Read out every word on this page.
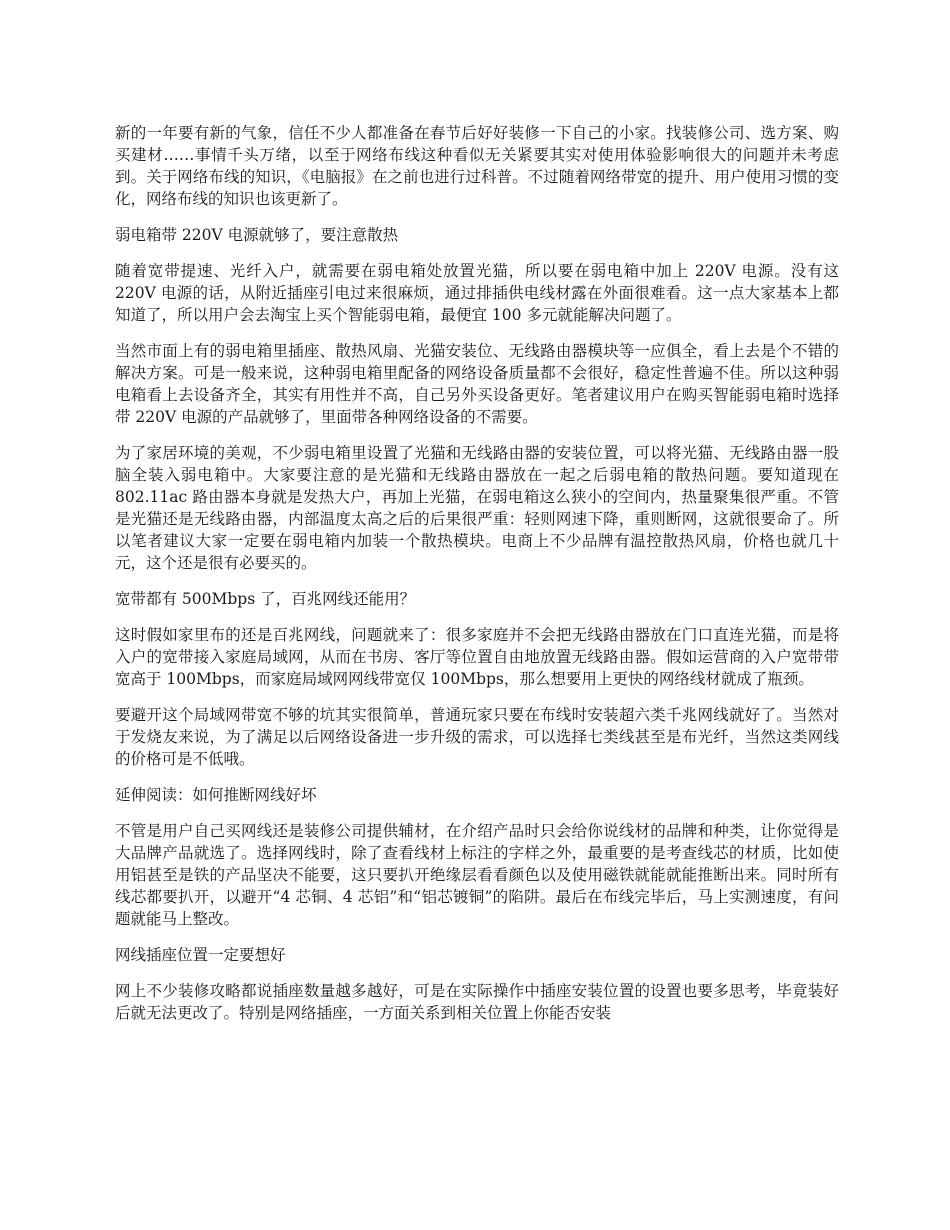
新的一年要有新的气象，信任不少人都准备在春节后好好装修一下自己的小家。找装修公司、选方案、购买建材……事情千头万绪，以至于网络布线这种看似无关紧要其实对使用体验影响很大的问题并未考虑到。关于网络布线的知识，《电脑报》在之前也进行过科普。不过随着网络带宽的提升、用户使用习惯的变化，网络布线的知识也该更新了。

弱电箱带 220V 电源就够了，要注意散热

随着宽带提速、光纤入户，就需要在弱电箱处放置光猫，所以要在弱电箱中加上 220V 电源。没有这 220V 电源的话，从附近插座引电过来很麻烦，通过排插供电线材露在外面很难看。这一点大家基本上都知道了，所以用户会去淘宝上买个智能弱电箱，最便宜 100 多元就能解决问题了。

当然市面上有的弱电箱里插座、散热风扇、光猫安装位、无线路由器模块等一应俱全，看上去是个不错的解决方案。可是一般来说，这种弱电箱里配备的网络设备质量都不会很好，稳定性普遍不佳。所以这种弱电箱看上去设备齐全，其实有用性并不高，自己另外买设备更好。笔者建议用户在购买智能弱电箱时选择带 220V 电源的产品就够了，里面带各种网络设备的不需要。

为了家居环境的美观，不少弱电箱里设置了光猫和无线路由器的安装位置，可以将光猫、无线路由器一股脑全装入弱电箱中。大家要注意的是光猫和无线路由器放在一起之后弱电箱的散热问题。要知道现在 802.11ac 路由器本身就是发热大户，再加上光猫，在弱电箱这么狭小的空间内，热量聚集很严重。不管是光猫还是无线路由器，内部温度太高之后的后果很严重：轻则网速下降，重则断网，这就很要命了。所以笔者建议大家一定要在弱电箱内加装一个散热模块。电商上不少品牌有温控散热风扇，价格也就几十元，这个还是很有必要买的。

宽带都有 500Mbps 了，百兆网线还能用？

这时假如家里布的还是百兆网线，问题就来了：很多家庭并不会把无线路由器放在门口直连光猫，而是将入户的宽带接入家庭局域网，从而在书房、客厅等位置自由地放置无线路由器。假如运营商的入户宽带带宽高于 100Mbps，而家庭局域网网线带宽仅 100Mbps，那么想要用上更快的网络线材就成了瓶颈。

要避开这个局域网带宽不够的坑其实很简单，普通玩家只要在布线时安装超六类千兆网线就好了。当然对于发烧友来说，为了满足以后网络设备进一步升级的需求，可以选择七类线甚至是布光纤，当然这类网线的价格可是不低哦。

延伸阅读：如何推断网线好坏

不管是用户自己买网线还是装修公司提供辅材，在介绍产品时只会给你说线材的品牌和种类，让你觉得是大品牌产品就选了。选择网线时，除了查看线材上标注的字样之外，最重要的是考查线芯的材质，比如使用铝甚至是铁的产品坚决不能要，这只要扒开绝缘层看看颜色以及使用磁铁就能就能推断出来。同时所有线芯都要扒开，以避开“4 芯铜、4 芯铝”和“铝芯镀铜”的陷阱。最后在布线完毕后，马上实测速度，有问题就能马上整改。

网线插座位置一定要想好

网上不少装修攻略都说插座数量越多越好，可是在实际操作中插座安装位置的设置也要多思考，毕竟装好后就无法更改了。特别是网络插座，一方面关系到相关位置上你能否安装
